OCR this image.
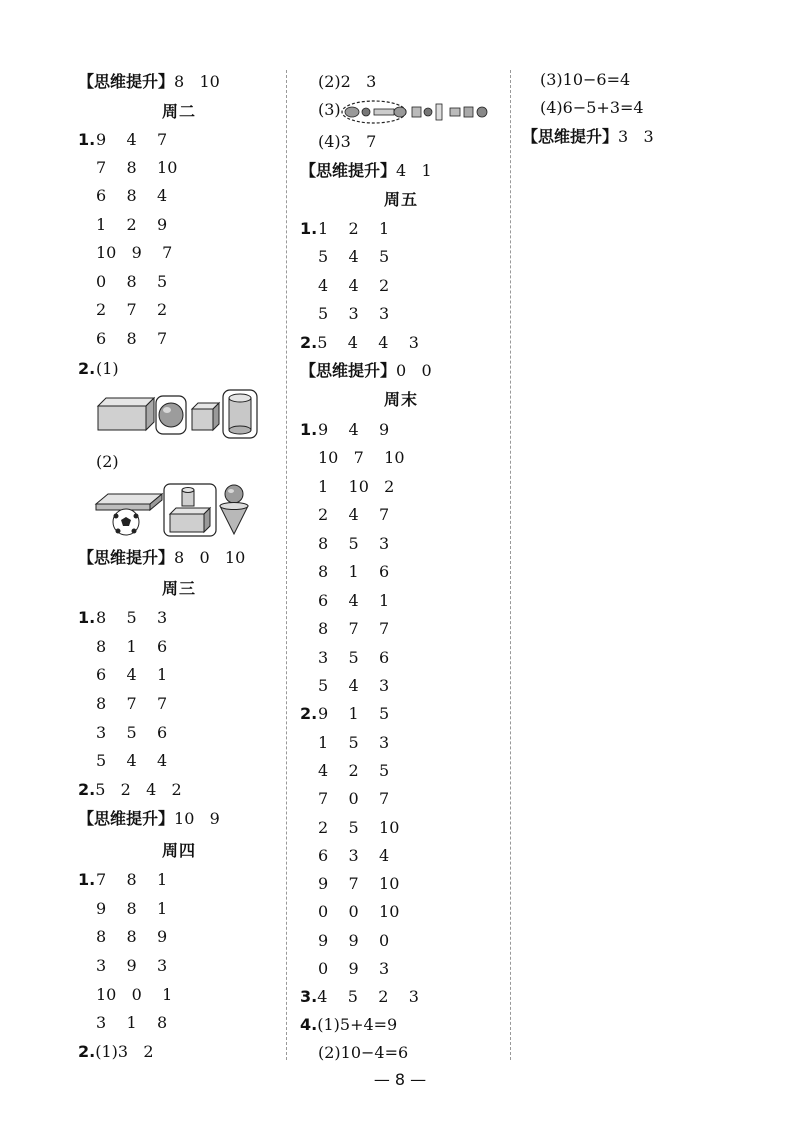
【思维提升】8   10
周二
1. 9    4    7
7    8    10
6    8    4
1    2    9
10   9    7
0    8    5
2    7    2
6    8    7
2. (1)
(2)
【思维提升】8   0   10
周三
1. 8    5    3
8    1    6
6    4    1
8    7    7
3    5    6
5    4    4
2.5   2   4   2
【思维提升】10   9
周四
1. 7    8    1
9    8    1
8    8    9
3    9    3
10   0    1
3    1    8
2.(1)3   2
(2)2   3
(3)
(4)3   7
【思维提升】4   1
周五
1. 1    2    1
5    4    5
4    4    2
5    3    3
2.5    4    4    3
【思维提升】0   0
周末
1. 9    4    9
10   7    10
1    10   2
2    4    7
8    5    3
8    1    6
6    4    1
8    7    7
3    5    6
5    4    3
2. 9    1    5
1    5    3
4    2    5
7    0    7
2    5    10
6    3    4
9    7    10
0    0    10
9    9    0
0    9    3
3.4    5    2    3
4.(1)5+4=9
(2)10−4=6
(3)10−6=4
(4)6−5+3=4
【思维提升】3   3
— 8 —
